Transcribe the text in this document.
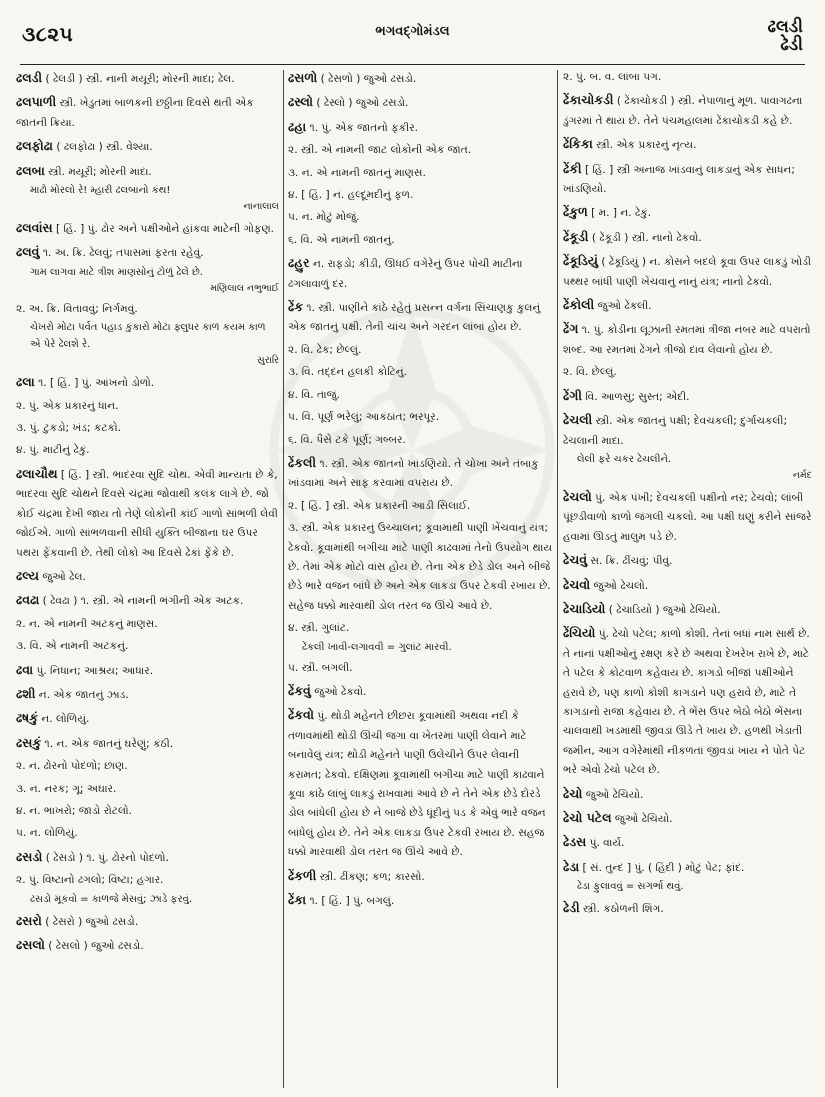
૩૮૨૫	ભગવદ્ગોમંડલ	ઢલડી
ઢેડી

ઢલડી ( ઢેલડી ) સ્ત્રી. નાની મયૂરી; મોરની માદા; ઢેલ.

ઢલપાળી સ્ત્રી. ખેડુતમાં બાળકની છઠ્ઠીના દિવસે થતી એક જાતની ક્રિયા.

ઢલફોઢા ( ઢલફોઢા ) સ્ત્રી. વેશ્યા.

ઢલબા સ્ત્રી. મયૂરી; મોરની માદા.
માઢો મોરલો રે! મ્હારી ઢલબાનો કંથ!
નાનાલાલ

ઢલવાંસ [ હિં. ] પું. ઢોર અને પક્ષીઓને હાંકવા માટેની ગોફણ.

ઢલવું ૧. અ. ક્રિ. ઢેલવું; તપાસમાં ફરતા રહેવું.
ગામ લાગવા માટે ત્રીશ માણસોનું ટોળું ઢેલે છે.
મણિલાલ નભુભાઈ

૨. અ. ક્રિ. વિતાવવું; નિર્ગમવું.
ચેખરો મોટા પર્વત પહાડ કુંકારો મોટા ફ્લુધર કાળ કયમ કાળ એ પેરે ઢેલશે રે.
સુરારિ

ઢલા ૧. [ હિં. ] પું. આંખનો ડોળો.

૨. પું. એક પ્રકારનું ધાન.

૩. પું. ટુકડો; ખંડ; કટકો.

૪. પું. માટીનું ઢેકું.

ઢલાચૌથ [ હિં. ] સ્ત્રી. ભાદરવા સુદિ ચોથ. એવી માન્યતા છે કે, ભાદરવા સુદિ ચોથને દિવસે ચંદ્રમાં જોવાથી કલંક લાગે છે. જો કોઈ ચંદ્રમા દેખી જાય તો તેણે લોકોની કાંઈ ગાળો સાંભળી લેવી જોઈએ. ગાળો સાંભળવાની સીધી યુક્તિ બીજાના ઘર ઉપર પથરા ફેંકવાની છે. તેથી લોકો આ દિવસે ઢેકાં ફેંકે છે.

ઢલ્ય જુઓ ઢેલ.

ઢવઢા ( ઢેવઢા ) ૧. સ્ત્રી. એ નામની ભંગીની એક અટક.

૨. ન. એ નામની અટકનું માણસ.

૩. વિ. એ નામની અટકનું.

ઢવા પું. નિધાન; આશ્રય; આધાર.

ઢશી ન. એક જાતનું ઝાડ.

ઢષકું ન. લોળિયું.

ઢસકું ૧. ન. એક જાતનું ઘરેણું; કંઠી.

૨. ન. ઢોરનો પોદળો; છાણ.

૩. ન. નરક; ગૂ; અઘાર.

૪. ન. ભાખરો; જાડો રોટલો.

૫. ન. લોળિયું.

ઢસડો ( ઢેસડો ) ૧. પું. ઢોરનો પોદળો.

૨. પું. વિષ્ટાનો ઢગલો; વિષ્ટા; હગાર.
ઢસડો મૂકવો = કાળજે મેસવું; ઝાડે ફરવું.

ઢસરો ( ઢેસરો ) જુઓ ઢસડો.

ઢસલો ( ઢેસલો ) જુઓ ઢસડો.

ઢસળો ( ઢેસળો ) જુઓ ઢસડો.

ઢસ્લો ( ઢેસ્લો ) જુઓ ઢસડો.

ઢહા ૧. પું. એક જાતનો ફકીર.

૨. સ્ત્રી. એ નામની જાટ લોકોની એક જાત.

૩. ન. એ નામની જાતનું માણસ.

૪. [ હિં. ] ન. હલ્દૂમદીનું ફળ.

૫. ન. મોટું મોજું.

૬. વિ. એ નામની જાતનું.

ઢહુર ન. રાફડો; કીડી, ઊધઈ વગેરેનું ઉપર પોચી માટીના ઢગલાવાળું દર.

ઢેંક ૧. સ્ત્રી. પાણીને કાંઠે રહેતું પ્રસન્ન વર્ગના સિંચાણકુ કુલનું એક જાતનું પક્ષી. તેની ચાંચ અને ગરદન લાંબાં હોય છે.

૨. વિ. ઢેક; છેલ્લું.

૩. વિ. તદ્દન હલકી કોટિનું.

૪. વિ. તાજું.

૫. વિ. પૂર્ણ ભરેલું; આકંઠાંત; ભરપૂર.

૬. વિ. પૈસે ટકે પૂર્ણ; ગબ્બર.

ઢેંકલી ૧. સ્ત્રી. એક જાતનો ખાંડણિયો. તે ચોખા અને તંબાકુ ખાંડવામાં અને સાફ કરવામાં વપરાય છે.

૨. [ હિં. ] સ્ત્રી. એક પ્રકારની આડી સિલાઈ.

૩. સ્ત્રી. એક પ્રકારનું ઉચ્ચાલન; કૂવામાંથી પાણી ખેંચવાનું યંત્ર; ઢેકવો. કૂવામાંથી બગીચા માટે પાણી કાઢવામાં તેનો ઉપયોગ થાય છે. તેમાં એક મોટો વાંસ હોય છે. તેના એક છેડે ડોલ અને બીજે છેડે ભારે વજન બાંધે છે અને એક લાકડા ઉપર ટેકવી રખાય છે. સહેજ ધક્કો મારવાથી ડોલ તરત જ ઊંચે આવે છે.

૪. સ્ત્રી. ગુલાંટ.
ઢેંકલી ખાવી-લગાવવી = ગુલાંટ મારવી.

૫. સ્ત્રી. બગલી.

ઢેંકવું જુઓ ઢેકવો.

ઢેંકવો પું. થોડી મહેનતે છીછરા કૂવામાંથી અથવા નદી કે તળાવમાંથી થોડી ઊંચી જગા વા ખેતરમાં પાણી લેવાને માટે બનાવેલું યંત્ર; થોડી મહેનતે પાણી ઉલેચીને ઉપર લેવાની કરામત; ઢેકવો. દક્ષિણમાં કૂવામાંથી બગીચા માટે પાણી કાઢવાને કૂવા કાંઠે લાંબું લાકડું રાખવામાં આવે છે ને તેને એક છેડે દોરડે ડોલ બાંધેલી હોય છે ને બાજે છેડે ધૂંદીનું પડ કે એવું ભારે વજન બાંધેલું હોય છે. તેને એક લાકડા ઉપર ટેકવી રખાય છે. સહજ ધક્કો મારવાથી ડોલ તરત જ ઊંચે આવે છે.

ઢેંકળી સ્ત્રી. ઢીંકણ; કળ; કારસો.

ઢેંકા ૧. [ હિં. ] પું. બગલું.

૨. પું. બ. વ. લાંબા પગ.

ઢેંકાચોકડી ( ઢેંકાચોકડી ) સ્ત્રી. નેપાળાનું મૂળ. પાવાગઢના ડુંગરમાં તે થાય છે. તેને પંચમહાલમાં ઢેંકાચોકડી કહે છે.

ઢેંકિકા સ્ત્રી. એક પ્રકારનું નૃત્ય.

ઢેંકી [ હિં. ] સ્ત્રી અનાજ ખાંડવાનું લાકડાનું એક સાધન; ખાંડણિયો.

ઢેંકુળ [ મ. ] ન. ઢેકું.

ઢેંકૂડી ( ઢેંકૂડી ) સ્ત્રી. નાનો ઢેકવો.

ઢેંકૂડિયું ( ઢેંકૂડિયું ) ન. કોસને બદલે કૂવા ઉપર લાકડું ખોડી પથ્થર બાંધી પાણી ખેંચવાનું નાનું યંત્ર; નાનો ઢેકવો.

ઢેંકોલી જુઓ ઢેંકલી.

ઢેંગ ૧. પું. કોડીના લૂઝાની રમતમાં ત્રીજા નંબર માટે વપરાતો શબ્દ. આ રમતમાં ઢેંગને ત્રીજો દાવ લેવાનો હોય છે.

૨. વિ. છેલ્લું.

ઢેંગી વિ. આળસુ; સુસ્ત; એદી.

ઢેચલી સ્ત્રી. એક જાતનું પક્ષી; દેવચકલી; દુર્ગાચકલી; ઢેચલાની માદા.
લેલી ફરે ચકર ઢેચલીને.
નર્મદ

ઢેચલો પું. એક પંખી; દેવચકલી પક્ષીનો નર; ઢેચવો; લાંબી પૂંછડીવાળો કાળો જંગલી ચકલો. આ પક્ષી ઘણું કરીને સાંજરે હવામાં ઊડતું માલુમ પડે છે.

ઢેચવું સ. ક્રિ. ઢીંચવું; પીવું.

ઢેચવો જુઓ ઢેચલો.

ઢેચાડિયો ( ઢેચાડિયો ) જુઓ ઢેચિયો.

ઢેંચિયો પું. ઢેચો પટેલ; કાળો કોશી. તેનાં બધાં નામ સાર્થ છે. તે નાનાં પક્ષીઓનું રક્ષણ કરે છે અથવા દેખરેખ રાખે છે, માટે તે પટેલ કે કોટવાળ કહેવાય છે. કાગડો બીજાં પક્ષીઓને હરાવે છે, પણ કાળો કોશી કાગડાને પણ હરાવે છે, માટે તે કાગડાનો રાજા કહેવાય છે. તે ભેંસ ઉપર બેઠો બેઠો ભેંસના ચાલવાથી ખડમાંથી જીવડાં ઊડે તે ખાય છે. હળથી ખેડાતી જમીન, આગ વગેરેમાંથી નીકળતાં જીવડાં ખાય ને પોતે પેટ ભરે એવો ઢેચો પટેલ છે.

ઢેચો જુઓ ઢેચિયો.

ઢેચો પટેલ જુઓ ઢેચિયો.

ઢેડસ પું. વાર્ય.

ઢેડા [ સં. તુન્દ ] પું. ( હિંદી ) મોટું પેટ; ફાંદ.
ઢેડા ફુલાવવું = સગર્ભા થવું.

ઢેડી સ્ત્રી. કઠોળની શિંગ.
